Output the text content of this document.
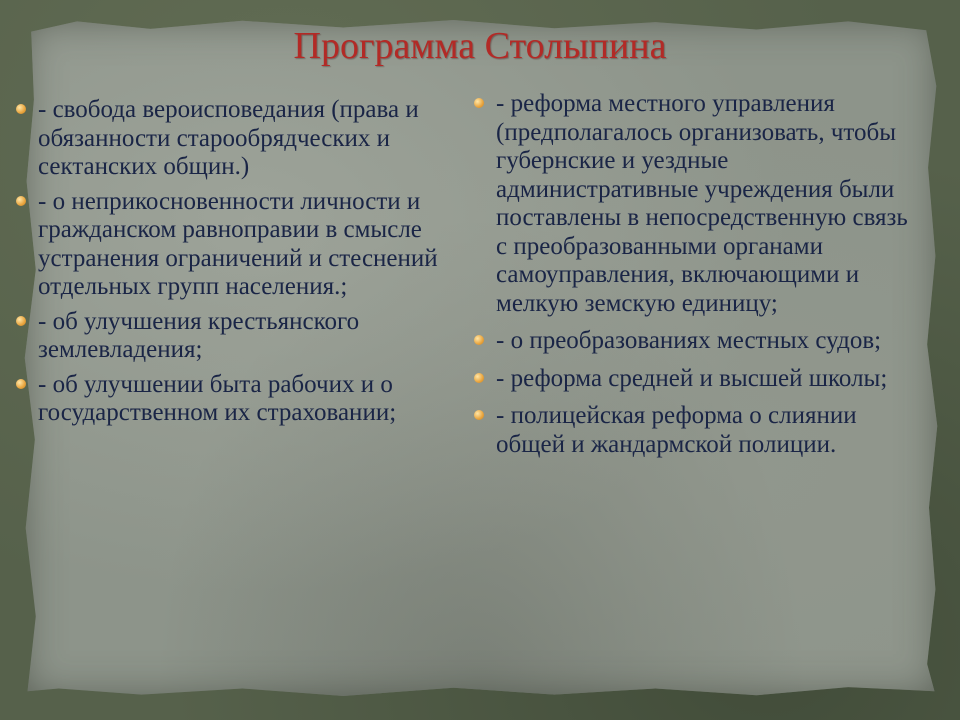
Программа Столыпина
- свобода вероисповедания (права и обязанности старообрядческих и сектанских общин.)
- о неприкосновенности личности и гражданском равноправии в смысле устранения ограничений и стеснений отдельных групп населения.;
- об улучшения крестьянского землевладения;
- об улучшении быта рабочих и о государственном их страховании;
- реформа местного управления (предполагалось организовать, чтобы губернские и уездные административные учреждения были поставлены в непосредственную связь с преобразованными органами самоуправления, включающими и мелкую земскую единицу;
- о преобразованиях местных судов;
- реформа средней и высшей школы;
- полицейская реформа о слиянии общей и жандармской полиции.
